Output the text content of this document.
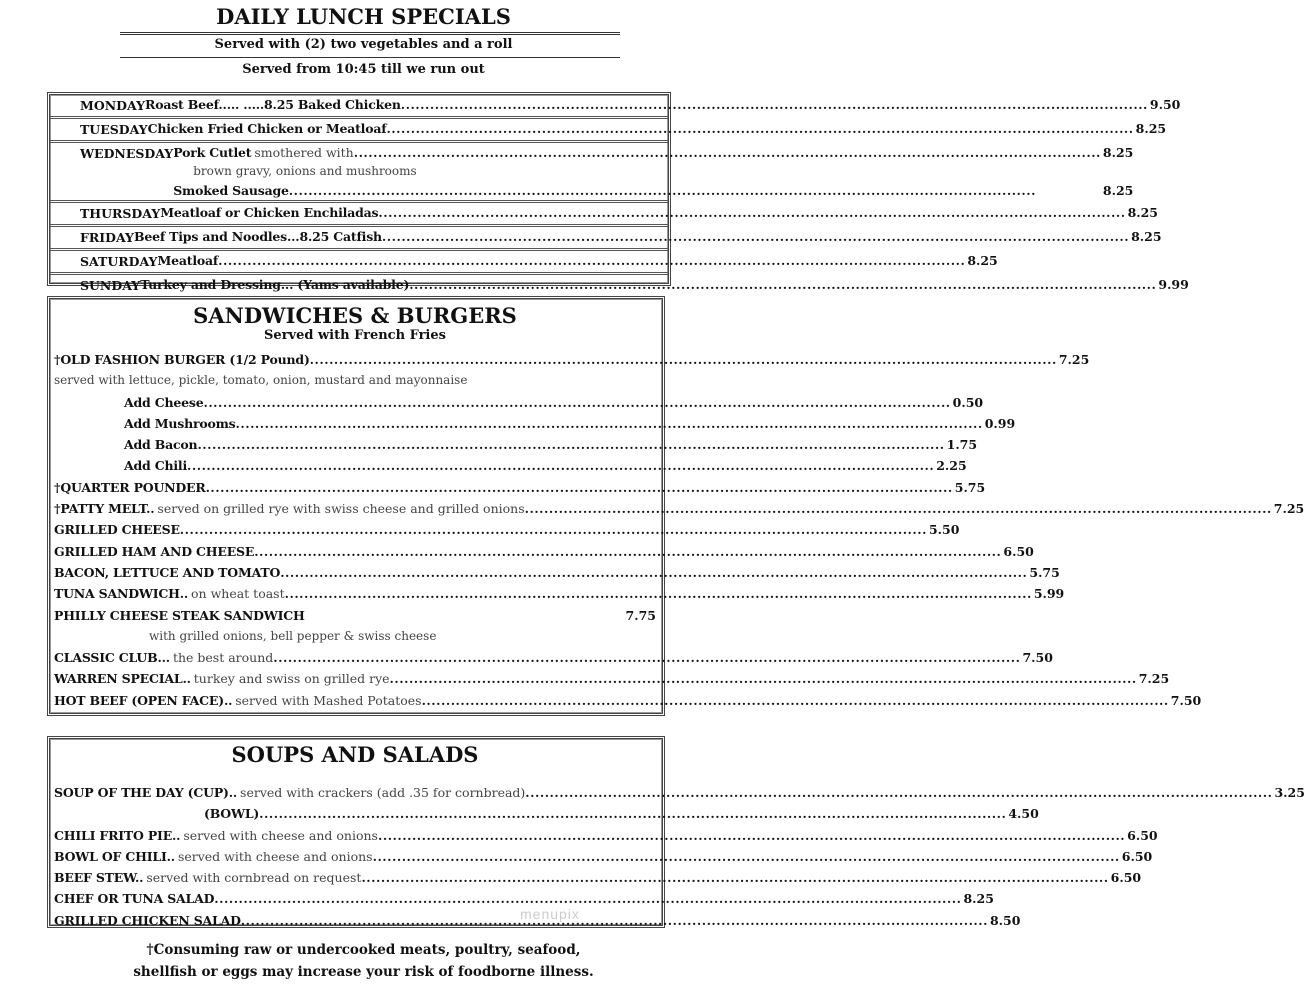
DAILY LUNCH SPECIALS
Served with (2) two vegetables and a roll
Served from 10:45 till we run out
MONDAY Roast Beef..... .....8.25 Baked Chicken .....	9.50
TUESDAY Chicken Fried Chicken or Meatloaf .....	8.25
WEDNESDAY Pork Cutlet smothered with .....	8.25
brown gravy, onions and mushrooms
Smoked Sausage .....	8.25
THURSDAY Meatloaf or Chicken Enchiladas .....	8.25
FRIDAY Beef Tips and Noodles...8.25 Catfish .....	8.25
SATURDAY Meatloaf .....	8.25
SUNDAY Turkey and Dressing... (Yams available) .....	9.99
SANDWICHES & BURGERS
Served with French Fries
†OLD FASHION BURGER (1/2 Pound) .....	7.25
served with lettuce, pickle, tomato, onion, mustard and mayonnaise
Add Cheese .....	0.50
Add Mushrooms .....	0.99
Add Bacon .....	1.75
Add Chili .....	2.25
†QUARTER POUNDER .....	5.75
†PATTY MELT.. served on grilled rye with swiss cheese and grilled onions .....	7.25
GRILLED CHEESE .....	5.50
GRILLED HAM AND CHEESE .....	6.50
BACON, LETTUCE AND TOMATO .....	5.75
TUNA SANDWICH.. on wheat toast .....	5.99
PHILLY CHEESE STEAK SANDWICH	7.75
with grilled onions, bell pepper & swiss cheese
CLASSIC CLUB... the best around .....	7.50
WARREN SPECIAL.. turkey and swiss on grilled rye .....	7.25
HOT BEEF (OPEN FACE).. served with Mashed Potatoes .....	7.50
SOUPS AND SALADS
SOUP OF THE DAY (CUP).. served with crackers (add .35 for cornbread) .....	3.25
(BOWL) .....	4.50
CHILI FRITO PIE.. served with cheese and onions .....	6.50
BOWL OF CHILI.. served with cheese and onions .....	6.50
BEEF STEW.. served with cornbread on request .....	6.50
CHEF OR TUNA SALAD .....	8.25
GRILLED CHICKEN SALAD .....	8.50
menupix
†Consuming raw or undercooked meats, poultry, seafood,
shellfish or eggs may increase your risk of foodborne illness.
